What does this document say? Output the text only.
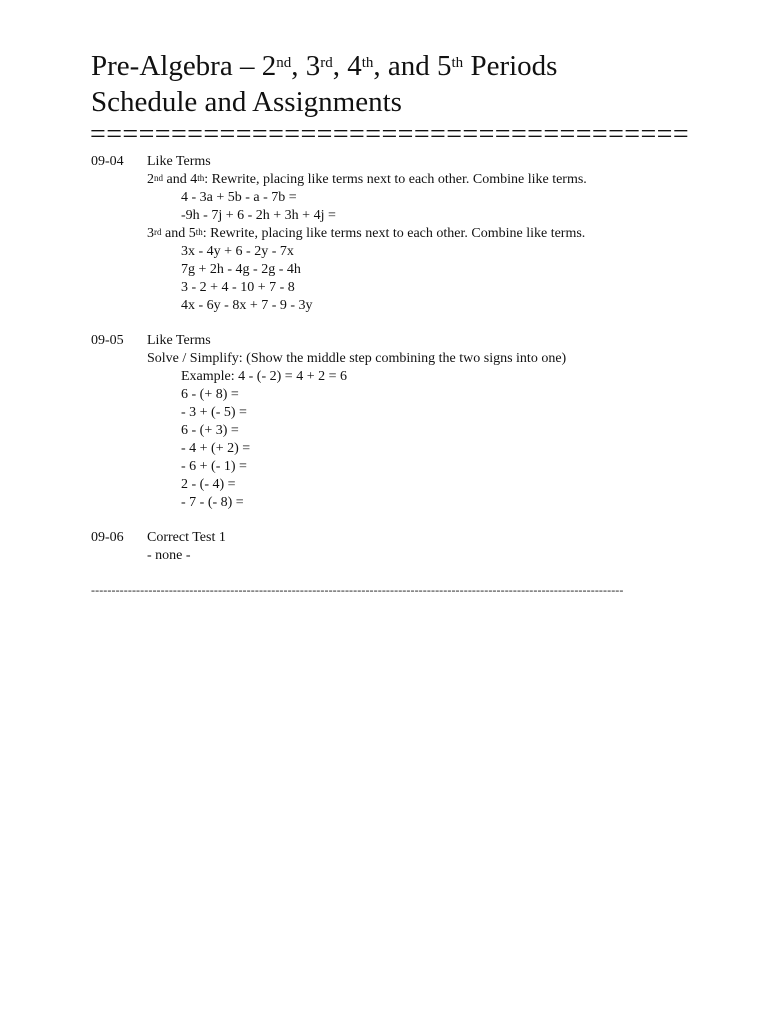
Pre-Algebra – 2nd, 3rd, 4th, and 5th Periods
Schedule and Assignments
=====================================
09-04 Like Terms
2nd and 4th: Rewrite, placing like terms next to each other. Combine like terms.
4 - 3a + 5b - a - 7b =
-9h - 7j + 6 - 2h + 3h + 4j =
3rd and 5th: Rewrite, placing like terms next to each other. Combine like terms.
3x - 4y + 6 - 2y - 7x
7g + 2h - 4g - 2g - 4h
3 - 2 + 4 - 10 + 7 - 8
4x - 6y - 8x + 7 - 9 - 3y
09-05 Like Terms
Solve / Simplify: (Show the middle step combining the two signs into one)
Example: 4 - (- 2) = 4 + 2 = 6
6 - (+ 8) =
- 3 + (- 5) =
6 - (+ 3) =
- 4 + (+ 2) =
- 6 + (- 1) =
2 - (- 4) =
- 7 - (- 8) =
09-06 Correct Test 1
- none -
----------------------------------------------------------------------------------------------------------------------------------
